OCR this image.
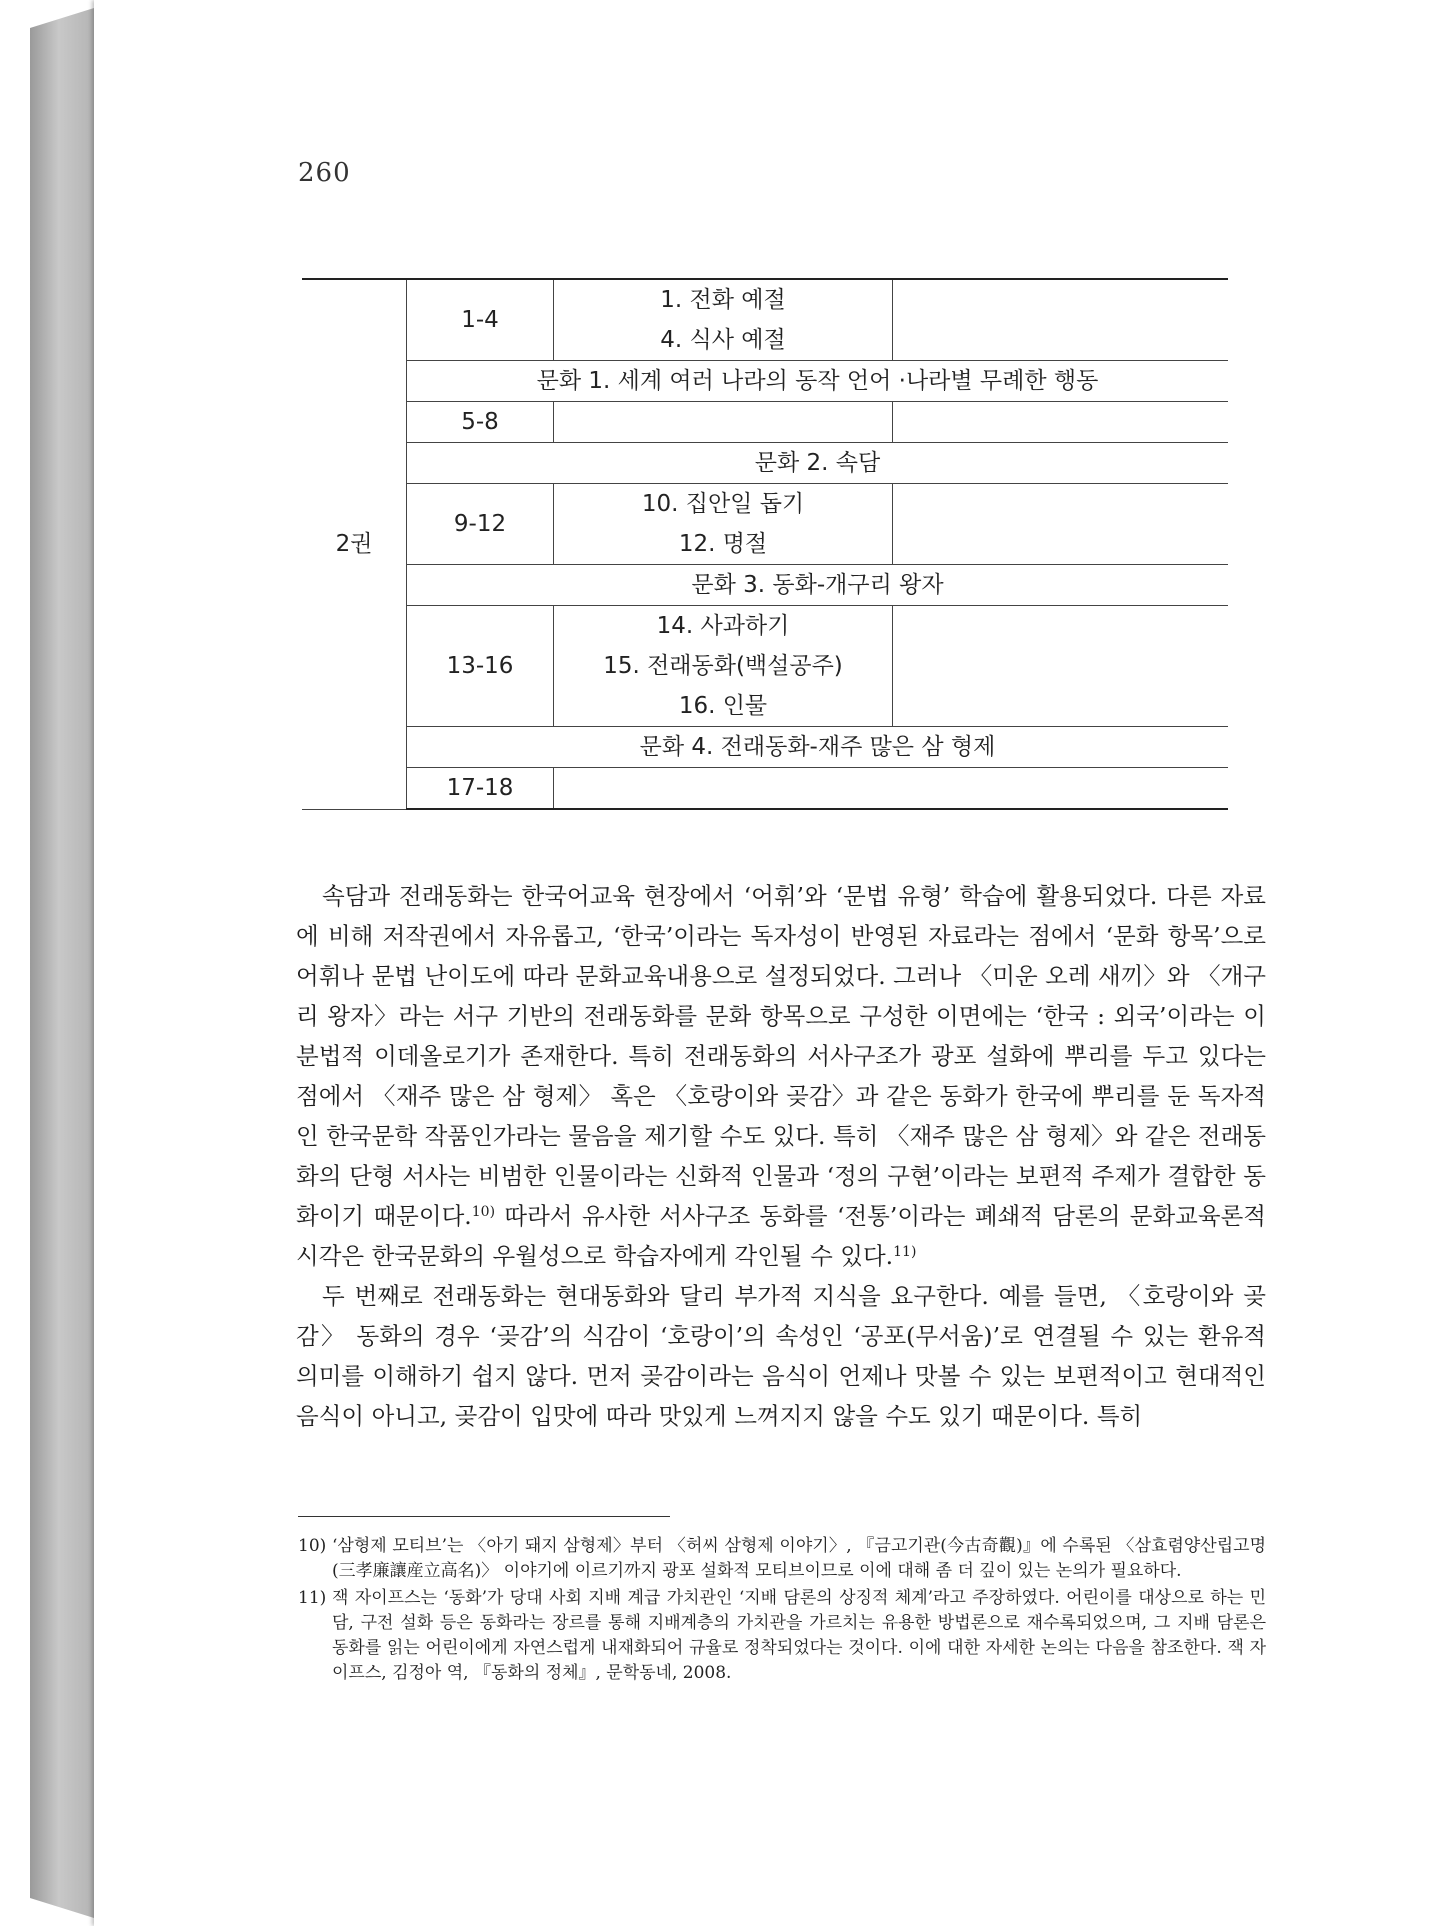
260
2권	1-4	1. 전화 예절
4. 식사 예절	

	문화 1. 세계 여러 나라의 동작 언어 ·나라별 무례한 행동		
	5-8		
	문화 2. 속담		
	9-12	10. 집안일 돕기
12. 명절	

	문화 3. 동화-개구리 왕자		
	13-16	14. 사과하기
15. 전래동화(백설공주)
16. 인물	

	문화 4. 전래동화-재주 많은 삼 형제		
	17-18		

속담과 전래동화는 한국어교육 현장에서 ‘어휘’와 ‘문법 유형’ 학습에 활용되었다. 다른 자료에 비해 저작권에서 자유롭고, ‘한국’이라는 독자성이 반영된 자료라는 점에서 ‘문화 항목’으로 어휘나 문법 난이도에 따라 문화교육내용으로 설정되었다. 그러나 〈미운 오레 새끼〉와 〈개구리 왕자〉라는 서구 기반의 전래동화를 문화 항목으로 구성한 이면에는 ‘한국 : 외국’이라는 이분법적 이데올로기가 존재한다. 특히 전래동화의 서사구조가 광포 설화에 뿌리를 두고 있다는 점에서 〈재주 많은 삼 형제〉 혹은 〈호랑이와 곶감〉과 같은 동화가 한국에 뿌리를 둔 독자적인 한국문학 작품인가라는 물음을 제기할 수도 있다. 특히 〈재주 많은 삼 형제〉와 같은 전래동화의 단형 서사는 비범한 인물이라는 신화적 인물과 ‘정의 구현’이라는 보편적 주제가 결합한 동화이기 때문이다.$^{10)}$ 따라서 유사한 서사구조 동화를 ‘전통’이라는 폐쇄적 담론의 문화교육론적 시각은 한국문화의 우월성으로 학습자에게 각인될 수 있다.$^{11)}$

두 번째로 전래동화는 현대동화와 달리 부가적 지식을 요구한다. 예를 들면, 〈호랑이와 곶감〉 동화의 경우 ‘곶감’의 식감이 ‘호랑이’의 속성인 ‘공포(무서움)’로 연결될 수 있는 환유적 의미를 이해하기 쉽지 않다. 먼저 곶감이라는 음식이 언제나 맛볼 수 있는 보편적이고 현대적인 음식이 아니고, 곶감이 입맛에 따라 맛있게 느껴지지 않을 수도 있기 때문이다. 특히

10) ‘삼형제 모티브’는 〈아기 돼지 삼형제〉부터 〈허씨 삼형제 이야기〉, 『금고기관(今古奇觀)』에 수록된 〈삼효렴양산립고명(三孝廉讓産立高名)〉 이야기에 이르기까지 광포 설화적 모티브이므로 이에 대해 좀 더 깊이 있는 논의가 필요하다.
11) 잭 자이프스는 ‘동화’가 당대 사회 지배 계급 가치관인 ‘지배 담론의 상징적 체계’라고 주장하였다. 어린이를 대상으로 하는 민담, 구전 설화 등은 동화라는 장르를 통해 지배계층의 가치관을 가르치는 유용한 방법론으로 재수록되었으며, 그 지배 담론은 동화를 읽는 어린이에게 자연스럽게 내재화되어 규율로 정착되었다는 것이다. 이에 대한 자세한 논의는 다음을 참조한다. 잭 자이프스, 김정아 역, 『동화의 정체』, 문학동네, 2008.
